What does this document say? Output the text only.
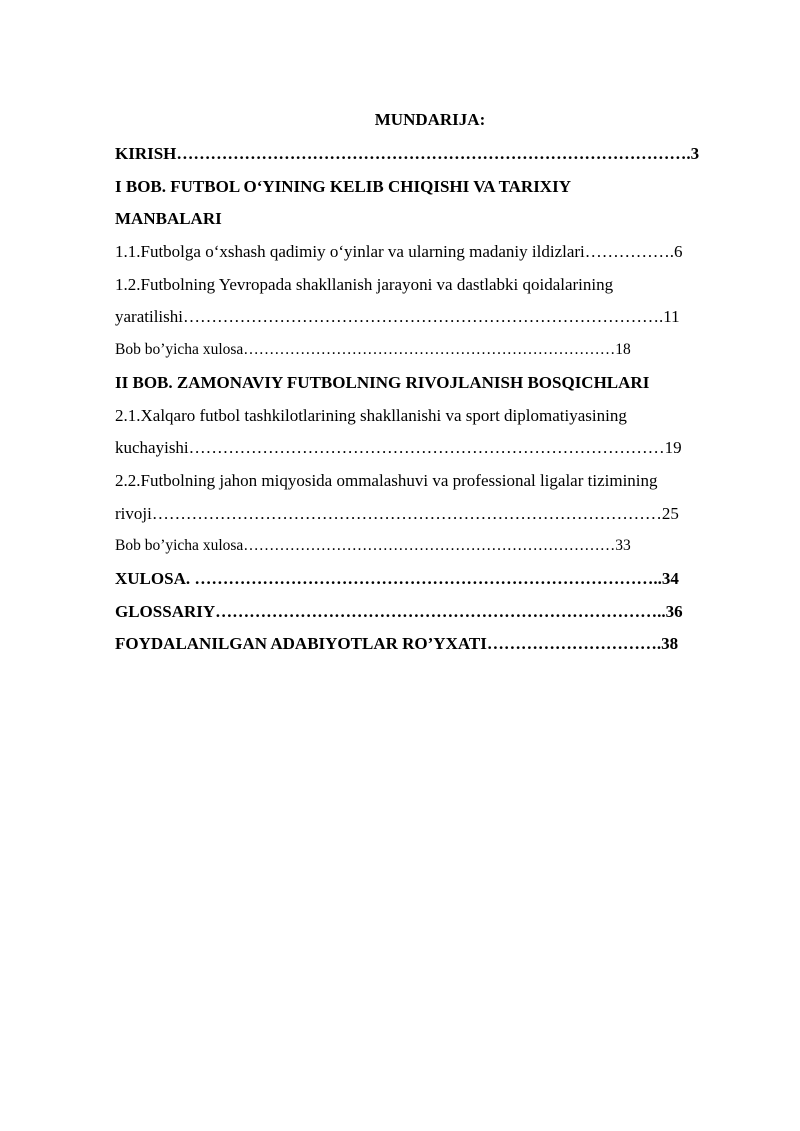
MUNDARIJA:
KIRISH……………………………………………………………………………….3
I BOB. FUTBOL O‘YINING KELIB CHIQISHI VA TARIXIY
MANBALARI
1.1.Futbolga o‘xshash qadimiy o‘yinlar va ularning madaniy ildizlari…………….6
1.2.Futbolning Yevropada shakllanish jarayoni va dastlabki qoidalarining
yaratilishi………………………………………………………………………….11
Bob bo’yicha xulosa………………………………………………………………18
II BOB. ZAMONAVIY FUTBOLNING RIVOJLANISH BOSQICHLARI
2.1.Xalqaro futbol tashkilotlarining shakllanishi va sport diplomatiyasining
kuchayishi…………………………………………………………………………19
2.2.Futbolning jahon miqyosida ommalashuvi va professional ligalar tizimining
rivoji………………………………………………………………………………25
Bob bo’yicha xulosa………………………………………………………………33
XULOSA. ………………………………………………………………………..34
GLOSSARIY……………………………………………………………………..36
FOYDALANILGAN ADABIYOTLAR RO’YXATI………………………….38
